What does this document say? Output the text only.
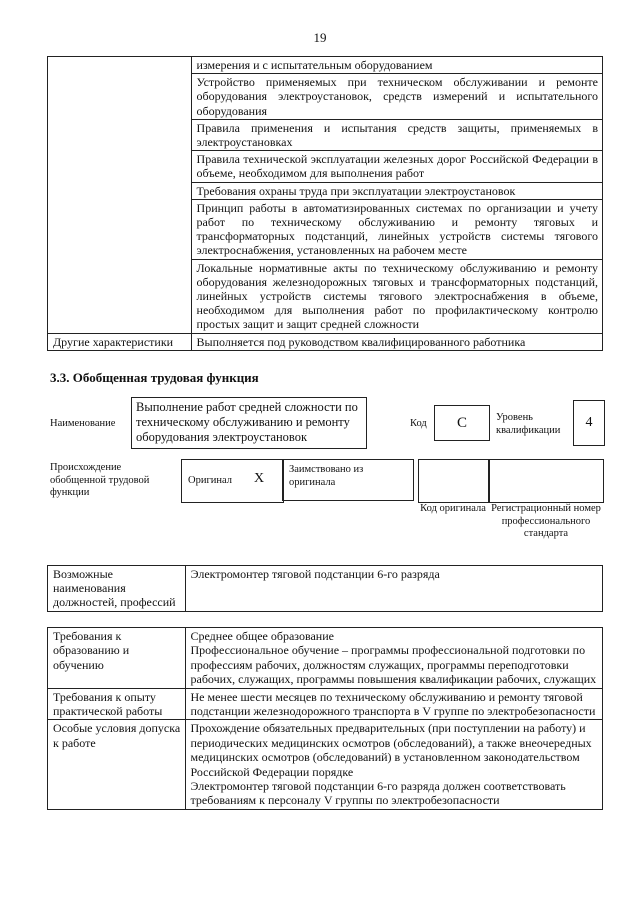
19
	измерения и с испытательным оборудованием
	Устройство применяемых при техническом обслуживании и ремонте оборудования электроустановок, средств измерений и испытательного оборудования
	Правила применения и испытания средств защиты, применяемых в электроустановках
	Правила технической эксплуатации железных дорог Российской Федерации в объеме, необходимом для выполнения работ
	Требования охраны труда при эксплуатации электроустановок
	Принцип работы в автоматизированных системах по организации и учету работ по техническому обслуживанию и ремонту тяговых и трансформаторных подстанций, линейных устройств системы тягового электроснабжения, установленных на рабочем месте
	Локальные нормативные акты по техническому обслуживанию и ремонту оборудования железнодорожных тяговых и трансформаторных подстанций, линейных устройств системы тягового электроснабжения в объеме, необходимом для выполнения работ по профилактическому контролю простых защит и защит средней сложности
Другие характеристики	Выполняется под руководством квалифицированного работника
3.3. Обобщенная трудовая функция
Наименование
Выполнение работ средней сложности по техническому обслуживанию и ремонту оборудования электроустановок
Код	С	Уровень квалификации	4
Происхождение обобщенной трудовой функции
Оригинал Х
Заимствовано из оригинала
Код оригинала Регистрационный номер профессионального стандарта
Возможные наименования должностей, профессий	Электромонтер тяговой подстанции 6-го разряда
Требования к образованию и обучению	Среднее общее образование
Профессиональное обучение – программы профессиональной подготовки по профессиям рабочих, должностям служащих, программы переподготовки рабочих, служащих, программы повышения квалификации рабочих, служащих

Требования к опыту практической работы	Не менее шести месяцев по техническому обслуживанию и ремонту тяговой подстанции железнодорожного транспорта в V группе по электробезопасности

Особые условия допуска к работе	Прохождение обязательных предварительных (при поступлении на работу) и периодических медицинских осмотров (обследований), а также внеочередных медицинских осмотров (обследований) в установленном законодательством Российской Федерации порядке
Электромонтер тяговой подстанции 6-го разряда должен соответствовать требованиям к персоналу V группы по электробезопасности
